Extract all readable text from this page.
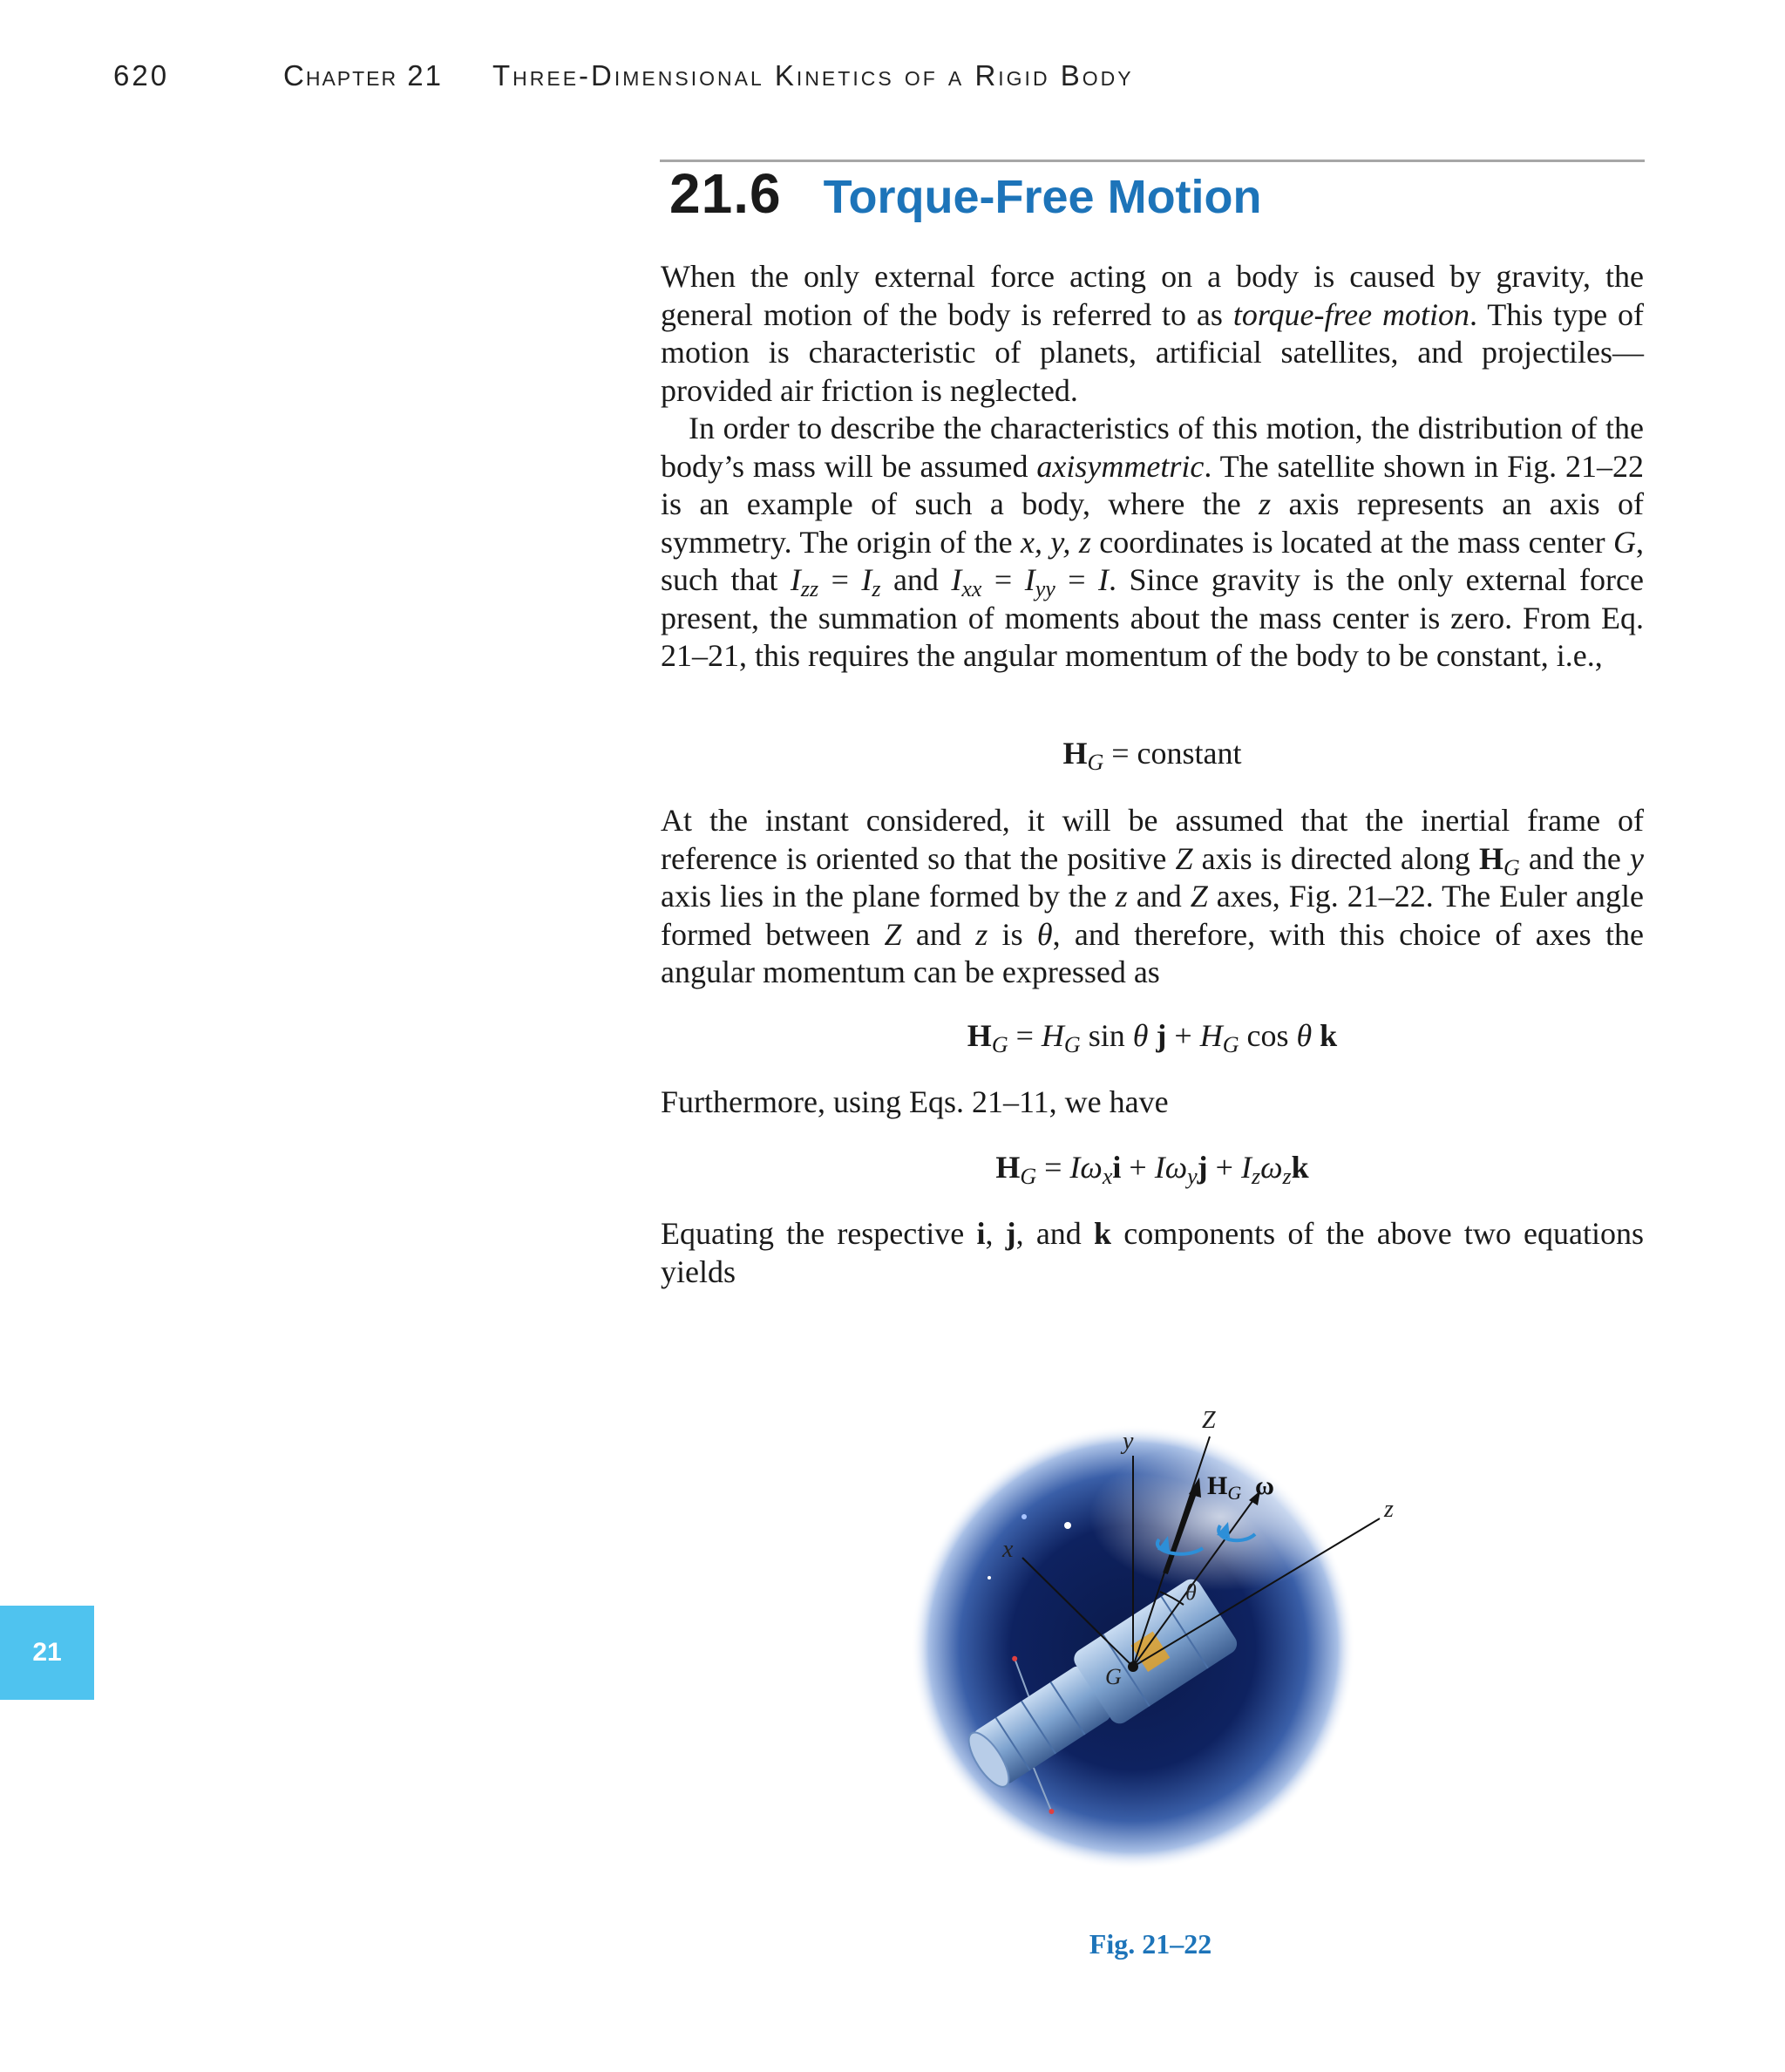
620	Chapter 21 Three-Dimensional Kinetics of a Rigid Body
21.6 Torque-Free Motion

When the only external force acting on a body is caused by gravity, the general motion of the body is referred to as torque-free motion. This type of motion is characteristic of planets, artificial satellites, and projectiles—provided air friction is neglected.

In order to describe the characteristics of this motion, the distribution of the body’s mass will be assumed axisymmetric. The satellite shown in Fig. 21–22 is an example of such a body, where the z axis represents an axis of symmetry. The origin of the x, y, z coordinates is located at the mass center G, such that $I_{zz} = I_z$ and $I_{xx} = I_{yy} = I$. Since gravity is the only external force present, the summation of moments about the mass center is zero. From Eq. 21–21, this requires the angular momentum of the body to be constant, i.e.,

$H_G$ = constant

At the instant considered, it will be assumed that the inertial frame of reference is oriented so that the positive Z axis is directed along $H_G$ and the y axis lies in the plane formed by the z and Z axes, Fig. 21–22. The Euler angle formed between Z and z is θ, and therefore, with this choice of axes the angular momentum can be expressed as

$H_G = H_G$ sin θ $j + H_G$ cos θ k

Furthermore, using Eqs. 21–11, we have

$H_G = I\omega_xi + I\omega_yj + I_z\omega_zk$

Equating the respective i, j, and k components of the above two equations yields

Z
y
x
z
θ
G
$H_G$ ω
Fig. 21–22
21
